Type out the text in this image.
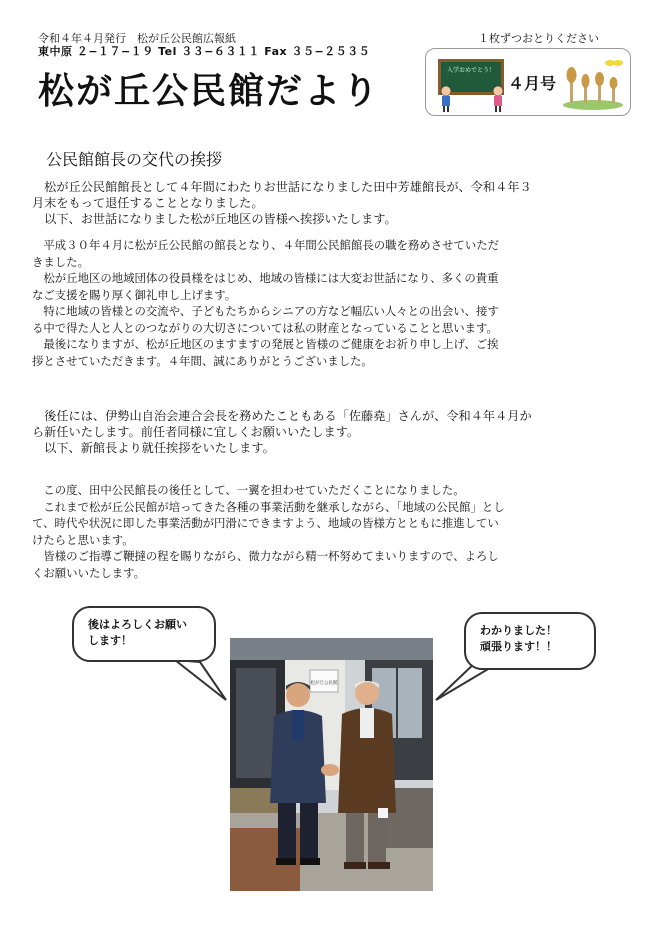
令和４年４月発行　松が丘公民館広報紙
東中原 ２−１７−１９ Tel ３３−６３１１ Fax ３５−２５３５
１枚ずつおとりください
松が丘公民館だより
入学おめでとう！
４月号
公民館館長の交代の挨拶
　松が丘公民館館長として４年間にわたりお世話になりました田中芳雄館長が、令和４年３
月末をもって退任することとなりました。
　以下、お世話になりました松が丘地区の皆様へ挨拶いたします。
　平成３０年４月に松が丘公民館の館長となり、４年間公民館館長の職を務めさせていただ
きました。
　松が丘地区の地域団体の役員様をはじめ、地域の皆様には大変お世話になり、多くの貴重
なご支援を賜り厚く御礼申し上げます。
　特に地域の皆様との交流や、子どもたちからシニアの方など幅広い人々との出会い、接す
る中で得た人と人とのつながりの大切さについては私の財産となっていることと思います。
　最後になりますが、松が丘地区のますますの発展と皆様のご健康をお祈り申し上げ、ご挨
拶とさせていただきます。４年間、誠にありがとうございました。
　後任には、伊勢山自治会連合会長を務めたこともある「佐藤堯」さんが、令和４年４月か
ら新任いたします。前任者同様に宜しくお願いいたします。
　以下、新館長より就任挨拶をいたします。
　この度、田中公民館長の後任として、一翼を担わせていただくことになりました。
　これまで松が丘公民館が培ってきた各種の事業活動を継承しながら、「地域の公民館」とし
て、時代や状況に即した事業活動が円滑にできますよう、地域の皆様方とともに推進してい
けたらと思います。
　皆様のご指導ご鞭撻の程を賜りながら、微力ながら精一杯努めてまいりますので、よろし
くお願いいたします。
後はよろしくお願い
します！
わかりました！
頑張ります！！
松が丘公民館
